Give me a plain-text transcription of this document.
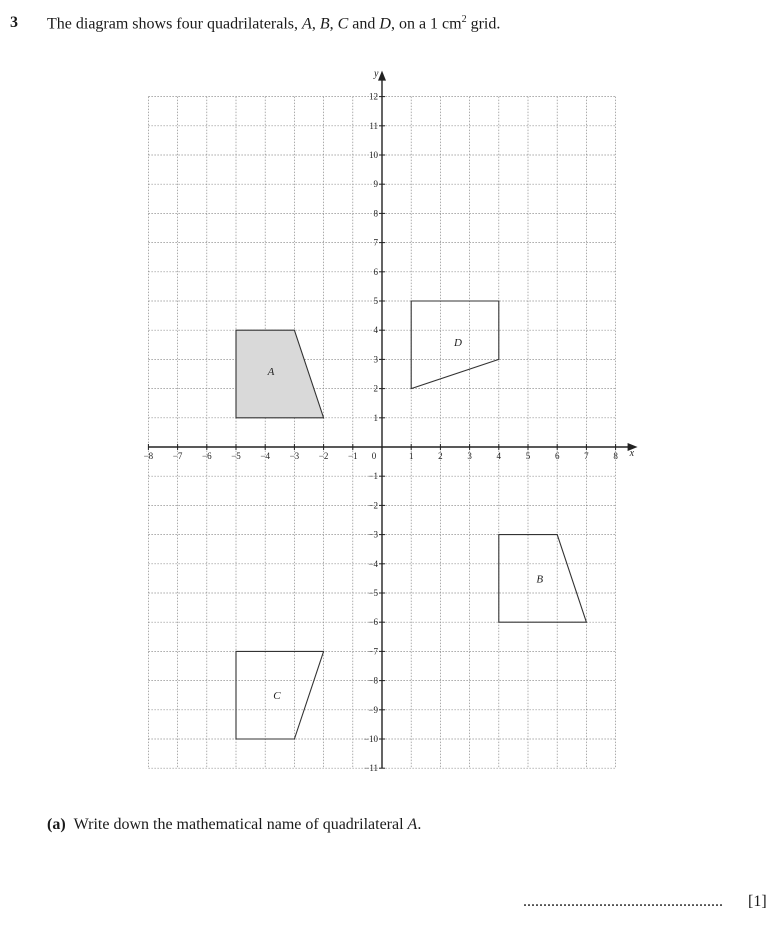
3 The diagram shows four quadrilaterals, A, B, C and D, on a 1 $cm^2$ grid.
A
B
C
D
x
y
0
−8 −7 −6 −5 −4 −3 −2 −1	1	2	3	4	5	6	7	8
−11
−10
−9
−8
−7
−6
−5
−4
−3
−2
−1
1
2
3
4
5
6
7
8
9
10
11
12
(a) Write down the mathematical name of quadrilateral A.
.................................................. [1]
